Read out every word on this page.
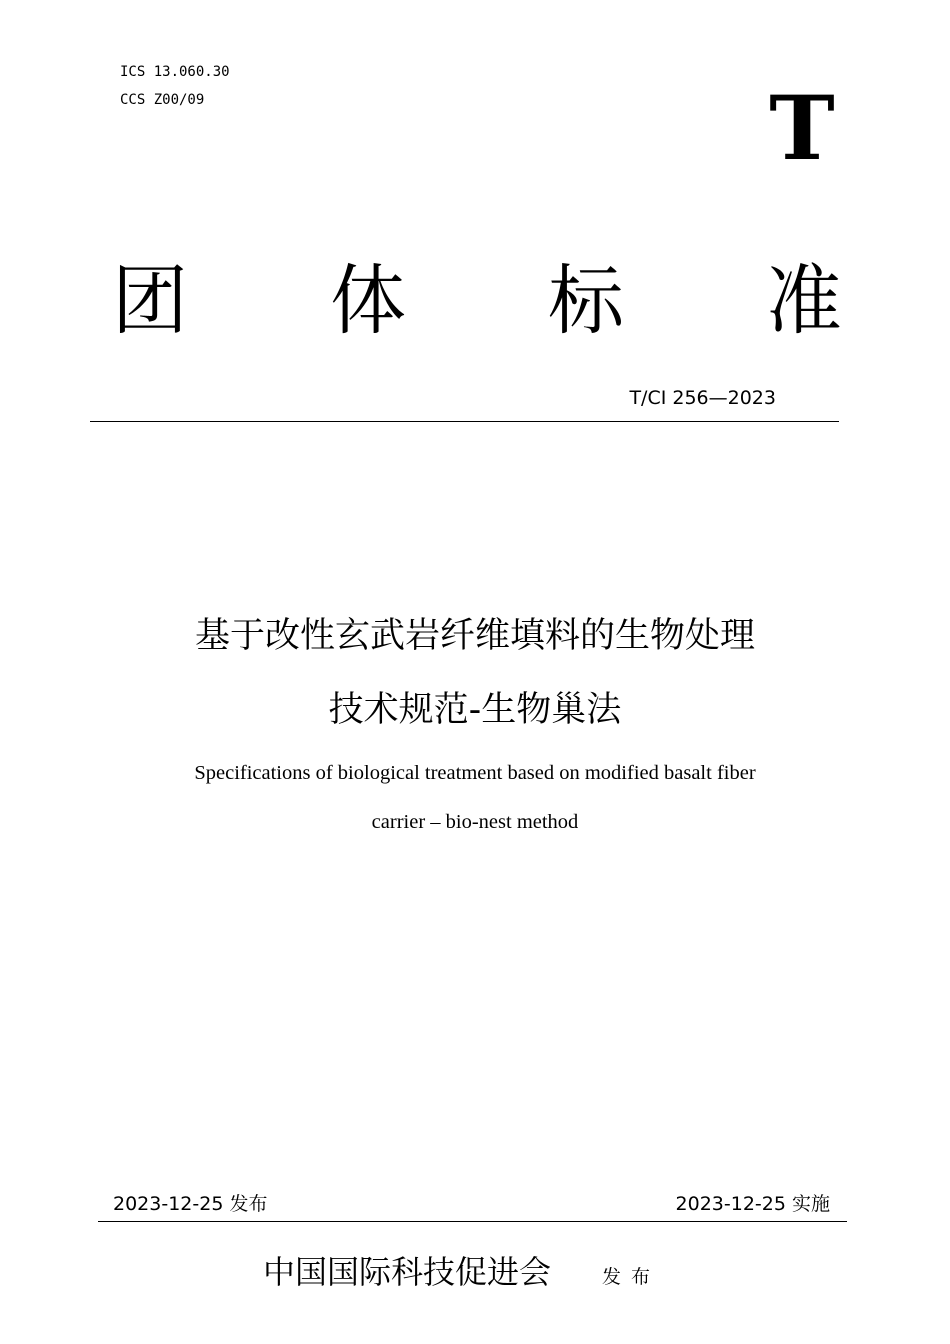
ICS 13.060.30
CCS Z00/09	T
团 体 标 准
T/CI 256—2023
基于改性玄武岩纤维填料的生物处理
技术规范-生物巢法
Specifications of biological treatment based on modified basalt fiber
carrier – bio-nest method
2023-12-25 发布	2023-12-25 实施
中国国际科技促进会	发布
